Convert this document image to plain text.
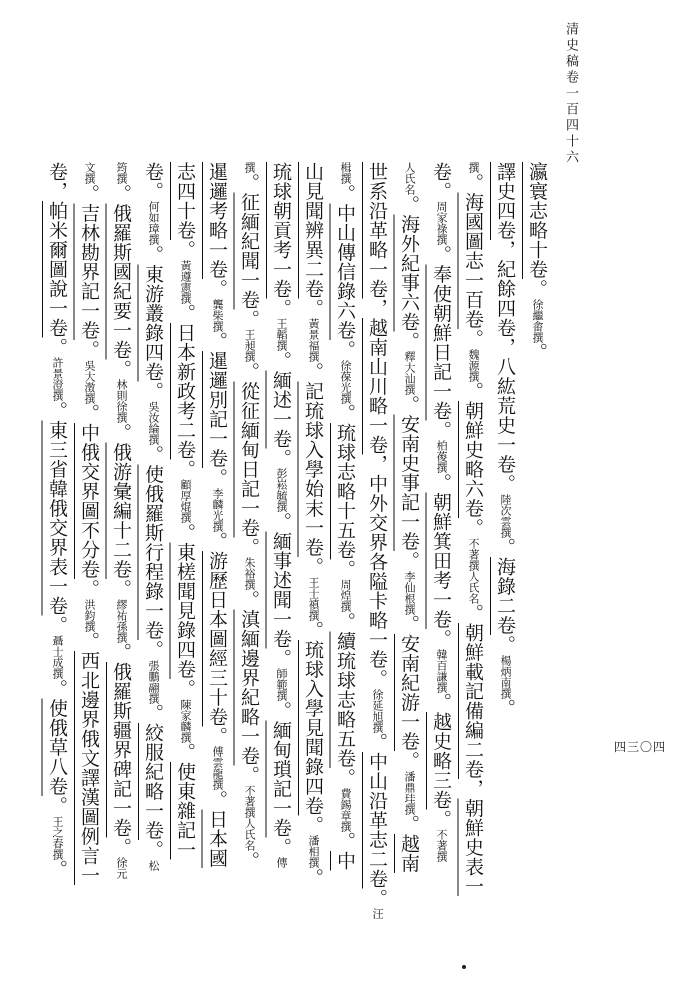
清史稿卷一百四十六
四三〇四
瀛寰志略十卷。徐繼畬撰。
譯史四卷，紀餘四卷，八紘荒史一卷。陸次雲撰。海錄二卷。楊炳南撰。
撰。海國圖志一百卷。魏源撰。朝鮮史略六卷。不著撰人氏名。朝鮮載記備編二卷，朝鮮史表一
卷。周家祿撰。奉使朝鮮日記一卷。柏葰撰。朝鮮箕田考一卷。韓百謙撰。越史略三卷。不著撰
人氏名。海外紀事六卷。釋大汕撰。安南史事記一卷。李仙根撰。安南紀游一卷。潘鼎珪撰。越南
世系沿革略一卷，越南山川略一卷，中外交界各隘卡略一卷。徐延旭撰。中山沿革志二卷。汪
楫撰。中山傳信錄六卷。徐葆光撰。琉球志略十五卷。周煌撰。續琉球志略五卷。費錫章撰。中
山見聞辨異二卷。黃景福撰。記琉球入學始末一卷。王士禛撰。琉球入學見聞錄四卷。潘相撰。
琉球朝貢考一卷。王韜撰。緬述一卷。彭崧毓撰。緬事述聞一卷。師範撰。緬甸瑣記一卷。傳
撰。征緬紀聞一卷。王昶撰。從征緬甸日記一卷。朱裕撰。滇緬邊界紀略一卷。不著撰人氏名。
暹邏考略一卷。龔柴撰。暹邏別記一卷。李麟光撰。游歷日本圖經三十卷。傅雲龍撰。日本國
志四十卷。黃遵憲撰。日本新政考二卷。顧厚焜撰。東槎聞見錄四卷。陳家麟撰。使東雜記一
卷。何如璋撰。東游叢錄四卷。吳汝綸撰。使俄羅斯行程錄一卷。張鵬翮撰。絞服紀略一卷。松
筠撰。俄羅斯國紀要一卷。林則徐撰。俄游彙編十二卷。繆祐孫撰。俄羅斯疆界碑記一卷。徐元
文撰。吉林勘界記一卷。吳大澂撰。中俄交界圖不分卷。洪鈞撰。西北邊界俄文譯漢圖例言一
卷，帕米爾圖說一卷。許景澄撰。東三省韓俄交界表一卷。聶士成撰。使俄草八卷。王之春撰。
